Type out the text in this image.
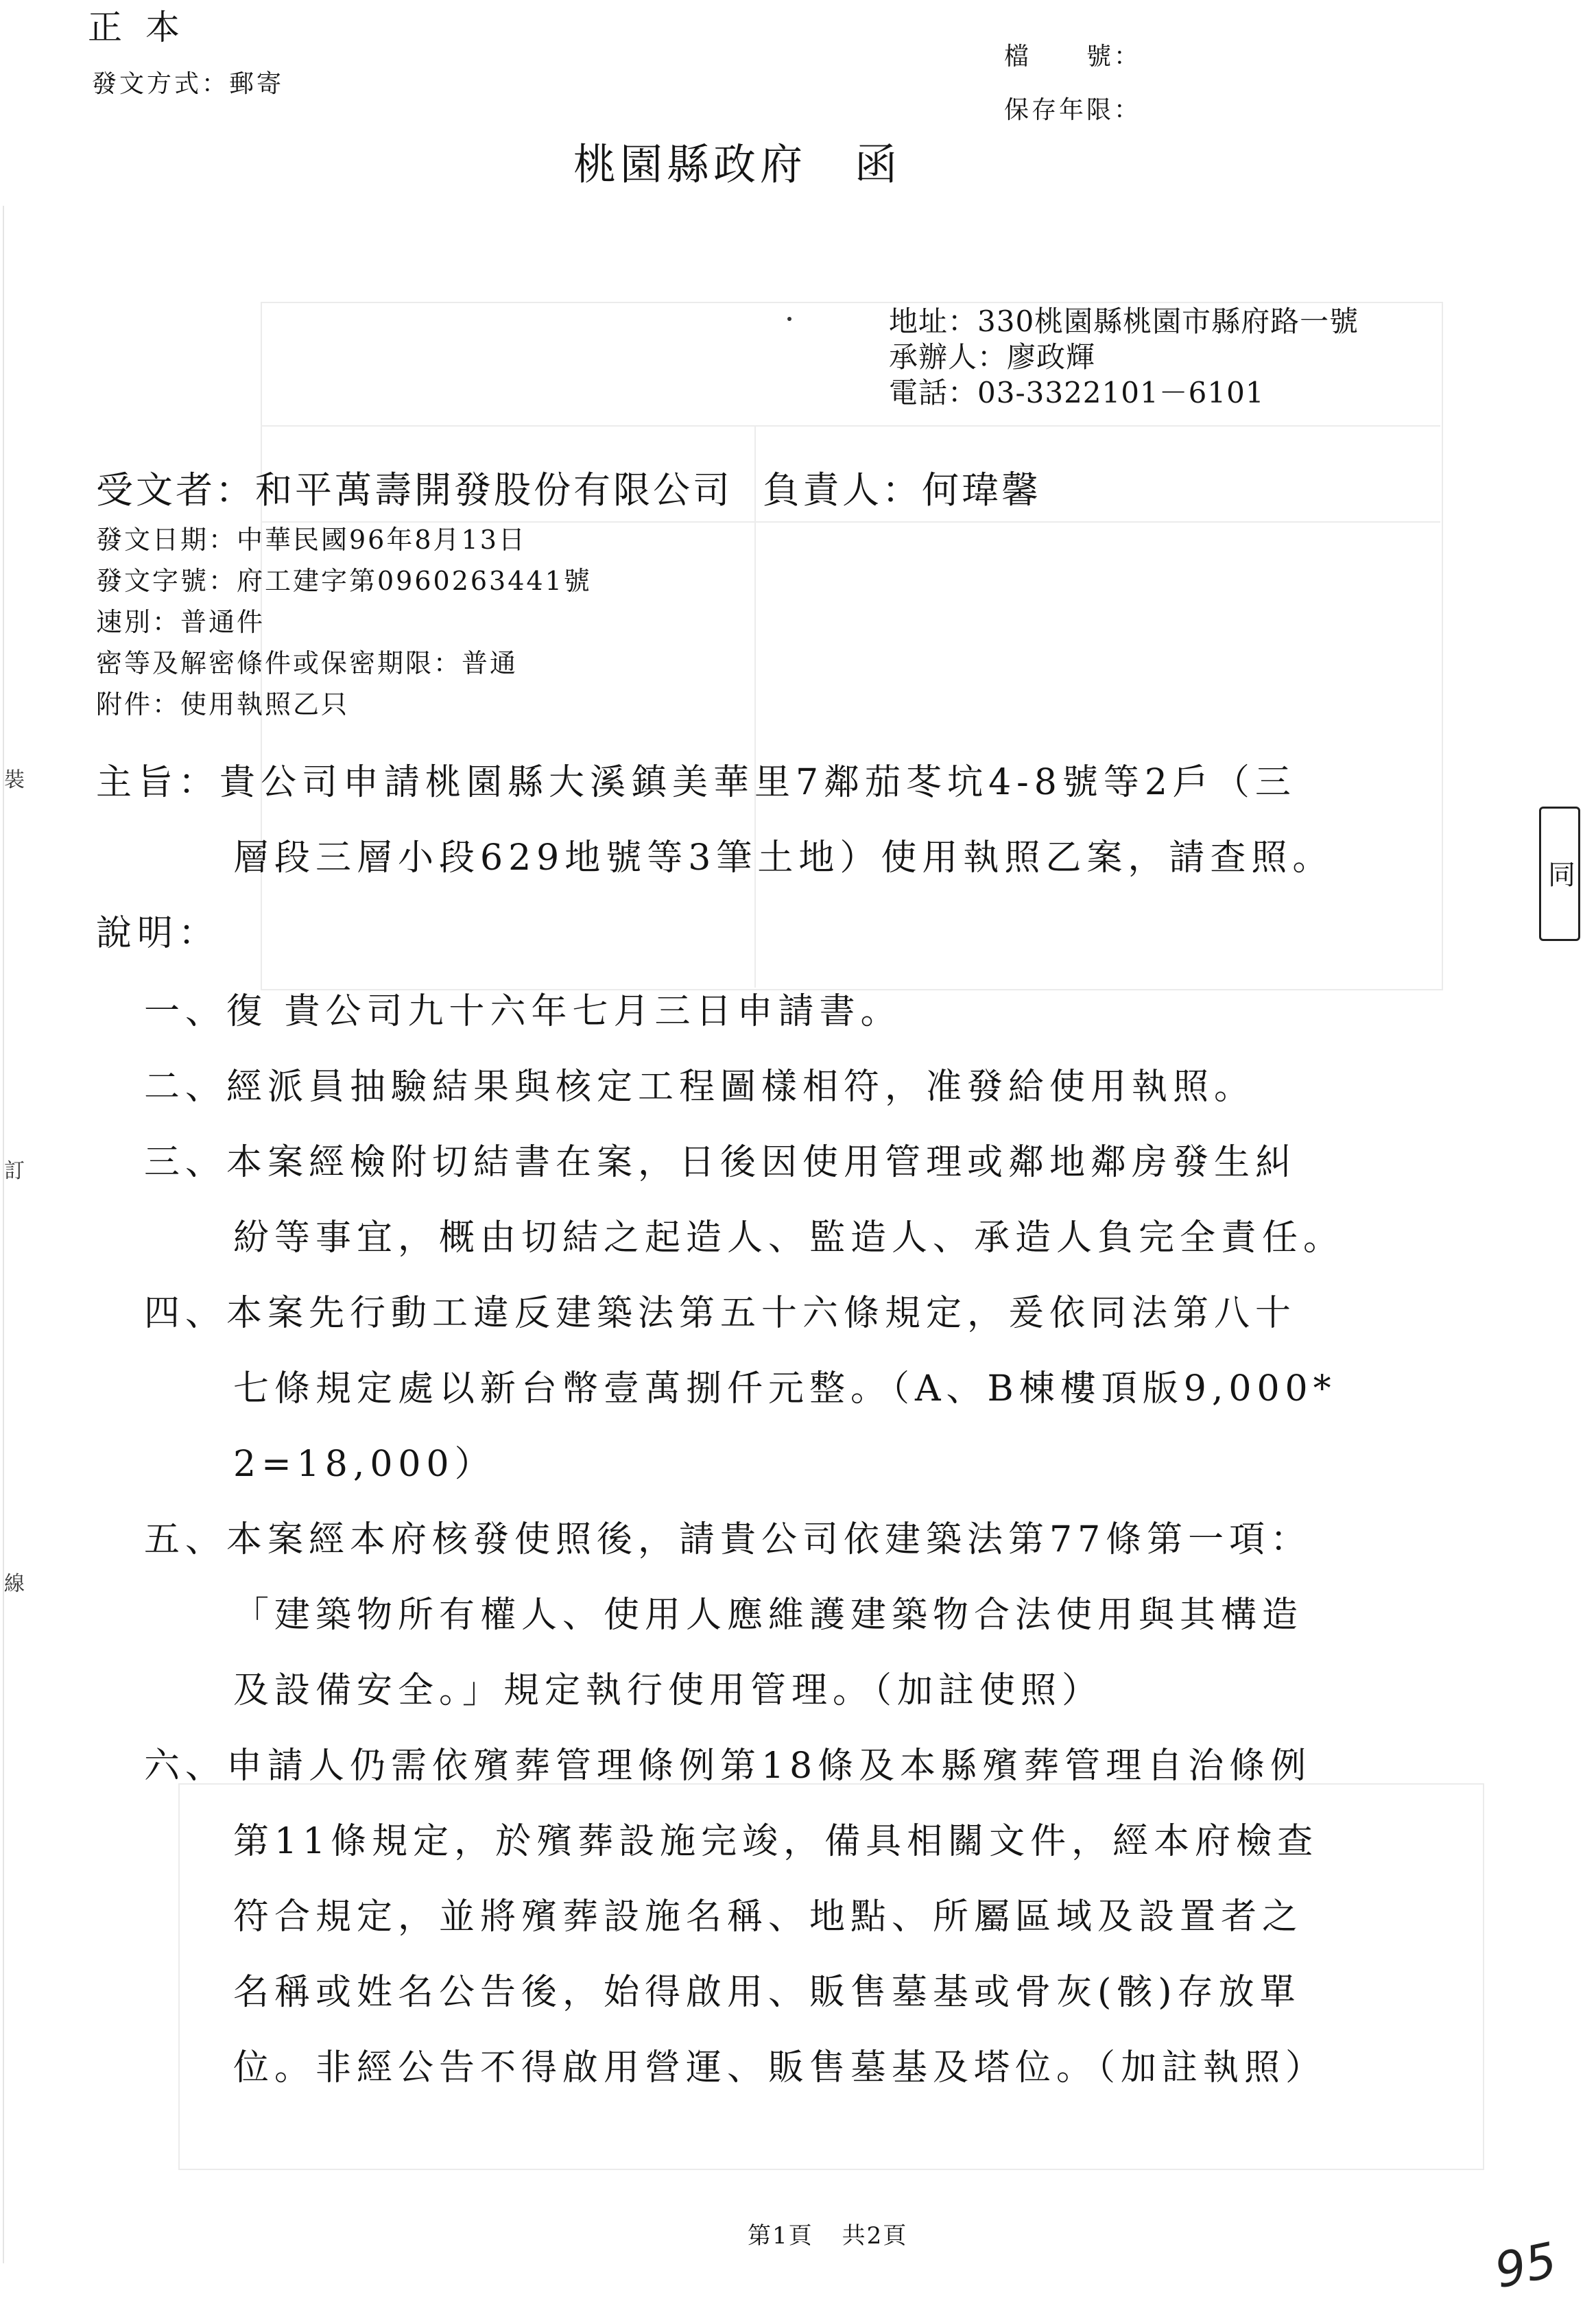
裝
訂
線
正本
發文方式：郵寄
檔　　號：
保存年限：
桃園縣政府 函
地址：330桃園縣桃園市縣府路一號
承辦人：廖政輝
電話：03-3322101－6101
受文者：和平萬壽開發股份有限公司 負責人：何瑋馨
發文日期：中華民國96年8月13日
發文字號：府工建字第0960263441號
速別：普通件
密等及解密條件或保密期限：普通
附件：使用執照乙只
主旨：貴公司申請桃園縣大溪鎮美華里7鄰茄苳坑4-8號等2戶（三
層段三層小段629地號等3筆土地）使用執照乙案，請查照。
說明：
一、復 貴公司九十六年七月三日申請書。
二、經派員抽驗結果與核定工程圖樣相符，准發給使用執照。
三、本案經檢附切結書在案，日後因使用管理或鄰地鄰房發生糾
紛等事宜，概由切結之起造人、監造人、承造人負完全責任。
四、本案先行動工違反建築法第五十六條規定，爰依同法第八十
七條規定處以新台幣壹萬捌仟元整。（A、B棟樓頂版9,000*
2=18,000）
五、本案經本府核發使照後，請貴公司依建築法第77條第一項：
「建築物所有權人、使用人應維護建築物合法使用與其構造
及設備安全。」規定執行使用管理。（加註使照）
六、申請人仍需依殯葬管理條例第18條及本縣殯葬管理自治條例
第11條規定，於殯葬設施完竣，備具相關文件，經本府檢查
符合規定，並將殯葬設施名稱、地點、所屬區域及設置者之
名稱或姓名公告後，始得啟用、販售墓基或骨灰(骸)存放單
位。非經公告不得啟用營運、販售墓基及塔位。（加註執照）
同
第1頁 共2頁	95
